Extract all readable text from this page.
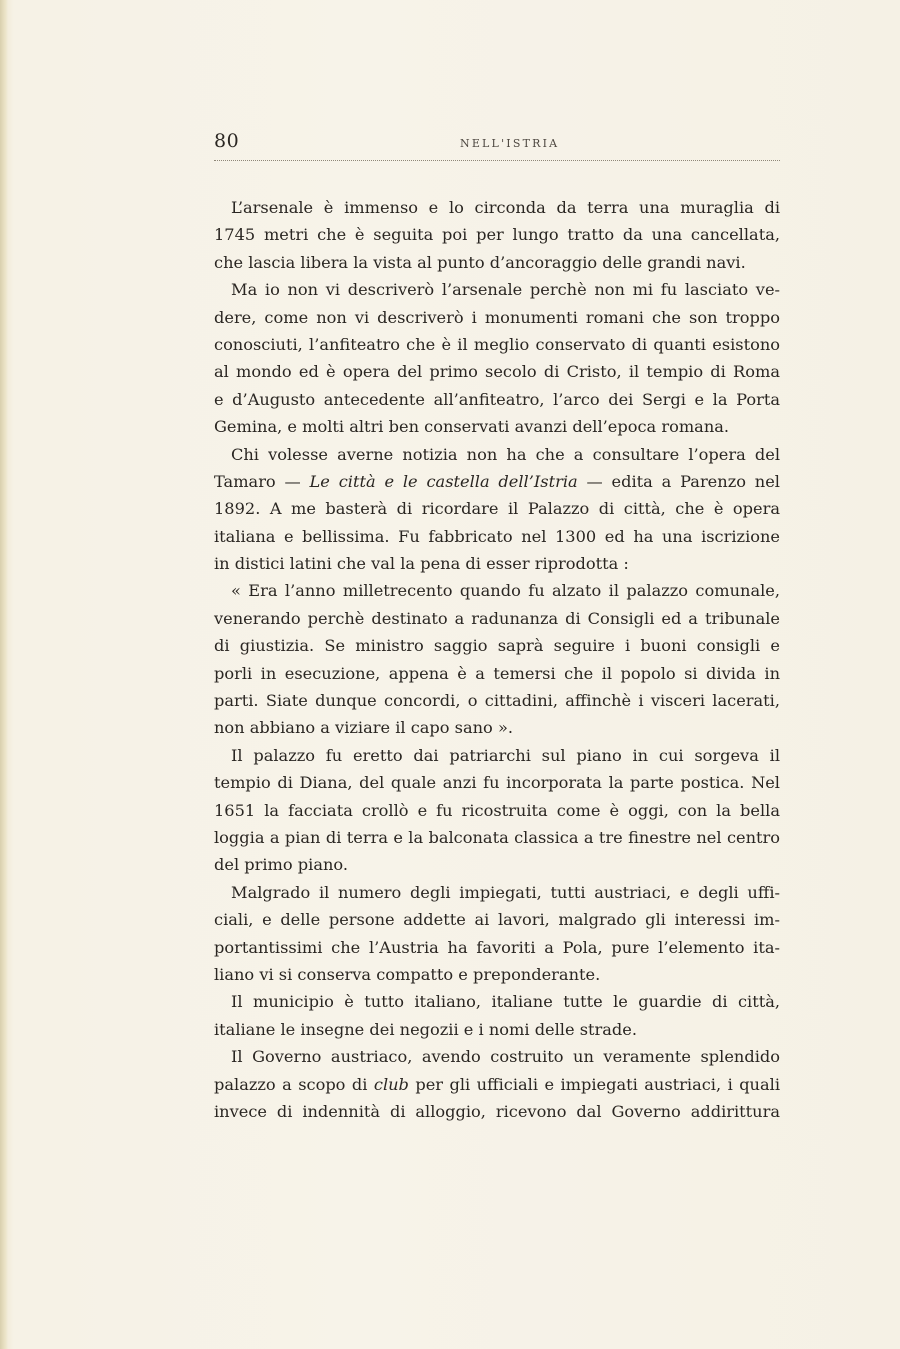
80	NELL'ISTRIA
L’arsenale è immenso e lo circonda da terra una muraglia di
1745 metri che è seguita poi per lungo tratto da una cancellata,
che lascia libera la vista al punto d’ancoraggio delle grandi navi.
Ma io non vi descriverò l’arsenale perchè non mi fu lasciato ve-
dere, come non vi descriverò i monumenti romani che son troppo
conosciuti, l’anfiteatro che è il meglio conservato di quanti esistono
al mondo ed è opera del primo secolo di Cristo, il tempio di Roma
e d’Augusto antecedente all’anfiteatro, l’arco dei Sergi e la Porta
Gemina, e molti altri ben conservati avanzi dell’epoca romana.
Chi volesse averne notizia non ha che a consultare l’opera del
Tamaro — Le città e le castella dell’Istria — edita a Parenzo nel
1892. A me basterà di ricordare il Palazzo di città, che è opera
italiana e bellissima. Fu fabbricato nel 1300 ed ha una iscrizione
in distici latini che val la pena di esser riprodotta :
« Era l’anno milletrecento quando fu alzato il palazzo comunale,
venerando perchè destinato a radunanza di Consigli ed a tribunale
di giustizia. Se ministro saggio saprà seguire i buoni consigli e
porli in esecuzione, appena è a temersi che il popolo si divida in
parti. Siate dunque concordi, o cittadini, affinchè i visceri lacerati,
non abbiano a viziare il capo sano ».
Il palazzo fu eretto dai patriarchi sul piano in cui sorgeva il
tempio di Diana, del quale anzi fu incorporata la parte postica. Nel
1651 la facciata crollò e fu ricostruita come è oggi, con la bella
loggia a pian di terra e la balconata classica a tre finestre nel centro
del primo piano.
Malgrado il numero degli impiegati, tutti austriaci, e degli uffi-
ciali, e delle persone addette ai lavori, malgrado gli interessi im-
portantissimi che l’Austria ha favoriti a Pola, pure l’elemento ita-
liano vi si conserva compatto e preponderante.
Il municipio è tutto italiano, italiane tutte le guardie di città,
italiane le insegne dei negozii e i nomi delle strade.
Il Governo austriaco, avendo costruito un veramente splendido
palazzo a scopo di club per gli ufficiali e impiegati austriaci, i quali
invece di indennità di alloggio, ricevono dal Governo addirittura
